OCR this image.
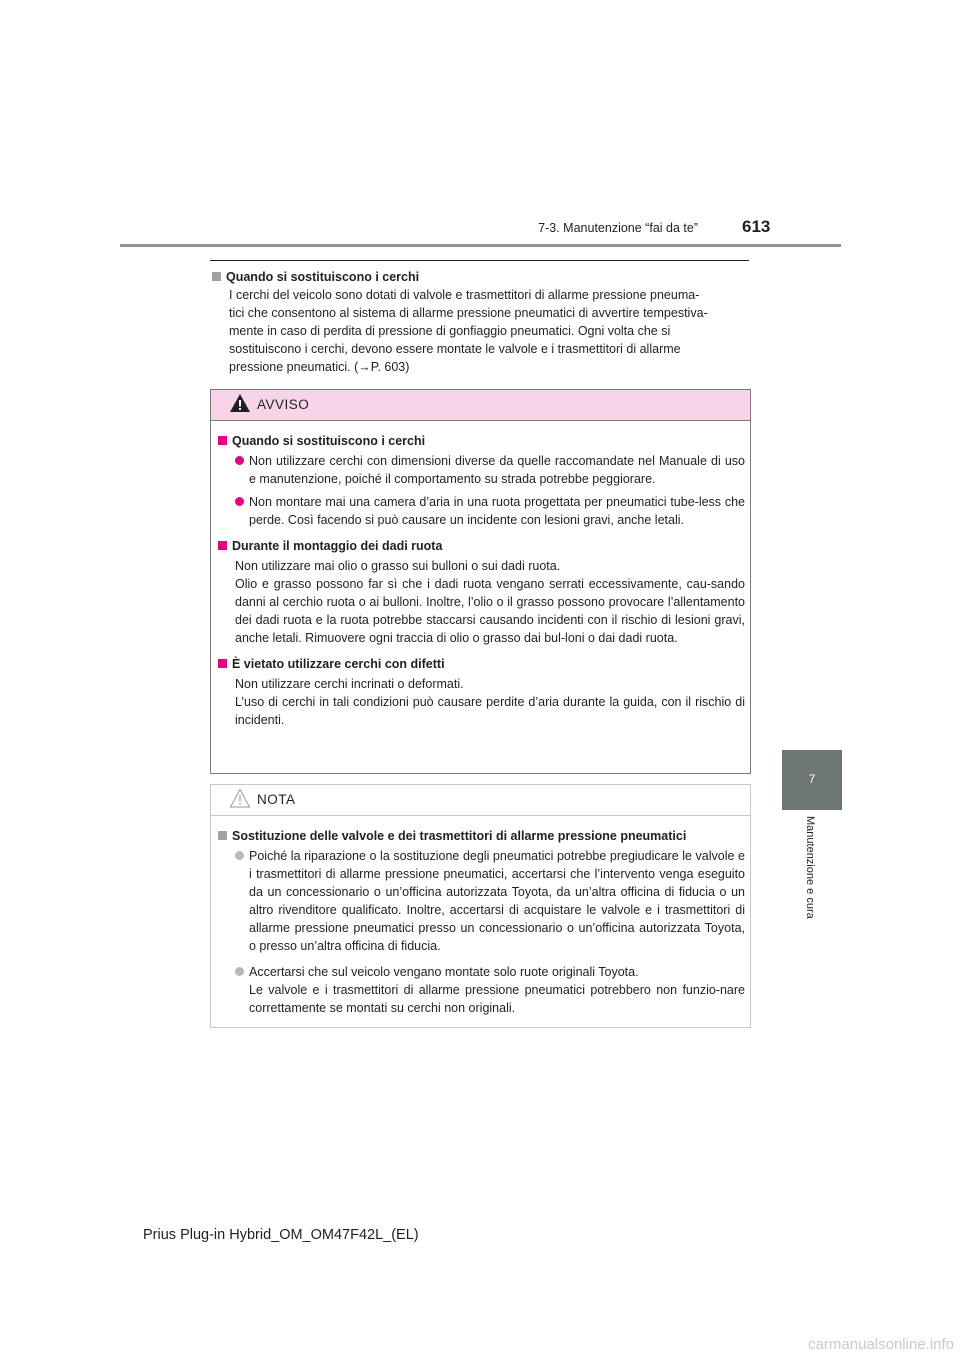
7-3. Manutenzione “fai da te”	613
7
Manutenzione e cura
Quando si sostituiscono i cerchi
I cerchi del veicolo sono dotati di valvole e trasmettitori di allarme pressione pneuma-
tici che consentono al sistema di allarme pressione pneumatici di avvertire tempestiva-
mente in caso di perdita di pressione di gonfiaggio pneumatici. Ogni volta che si
sostituiscono i cerchi, devono essere montate le valvole e i trasmettitori di allarme
pressione pneumatici. (→P. 603)
AVVISO
Quando si sostituiscono i cerchi
Non utilizzare cerchi con dimensioni diverse da quelle raccomandate nel Manuale di uso e manutenzione, poiché il comportamento su strada potrebbe peggiorare.
Non montare mai una camera d’aria in una ruota progettata per pneumatici tube-less che perde. Così facendo si può causare un incidente con lesioni gravi, anche letali.
Durante il montaggio dei dadi ruota
Non utilizzare mai olio o grasso sui bulloni o sui dadi ruota.
Olio e grasso possono far sì che i dadi ruota vengano serrati eccessivamente, cau-sando danni al cerchio ruota o ai bulloni. Inoltre, l’olio o il grasso possono provocare l’allentamento dei dadi ruota e la ruota potrebbe staccarsi causando incidenti con il rischio di lesioni gravi, anche letali. Rimuovere ogni traccia di olio o grasso dai bul-loni o dai dadi ruota.
È vietato utilizzare cerchi con difetti
Non utilizzare cerchi incrinati o deformati.
L’uso di cerchi in tali condizioni può causare perdite d’aria durante la guida, con il rischio di incidenti.
NOTA
Sostituzione delle valvole e dei trasmettitori di allarme pressione pneumatici
Poiché la riparazione o la sostituzione degli pneumatici potrebbe pregiudicare le valvole e i trasmettitori di allarme pressione pneumatici, accertarsi che l’intervento venga eseguito da un concessionario o un’officina autorizzata Toyota, da un’altra officina di fiducia o un altro rivenditore qualificato. Inoltre, accertarsi di acquistare le valvole e i trasmettitori di allarme pressione pneumatici presso un concessionario o un’officina autorizzata Toyota, o presso un’altra officina di fiducia.
Accertarsi che sul veicolo vengano montate solo ruote originali Toyota.
Le valvole e i trasmettitori di allarme pressione pneumatici potrebbero non funzio-nare correttamente se montati su cerchi non originali.
Prius Plug-in Hybrid_OM_OM47F42L_(EL)
carmanualsonline.info
